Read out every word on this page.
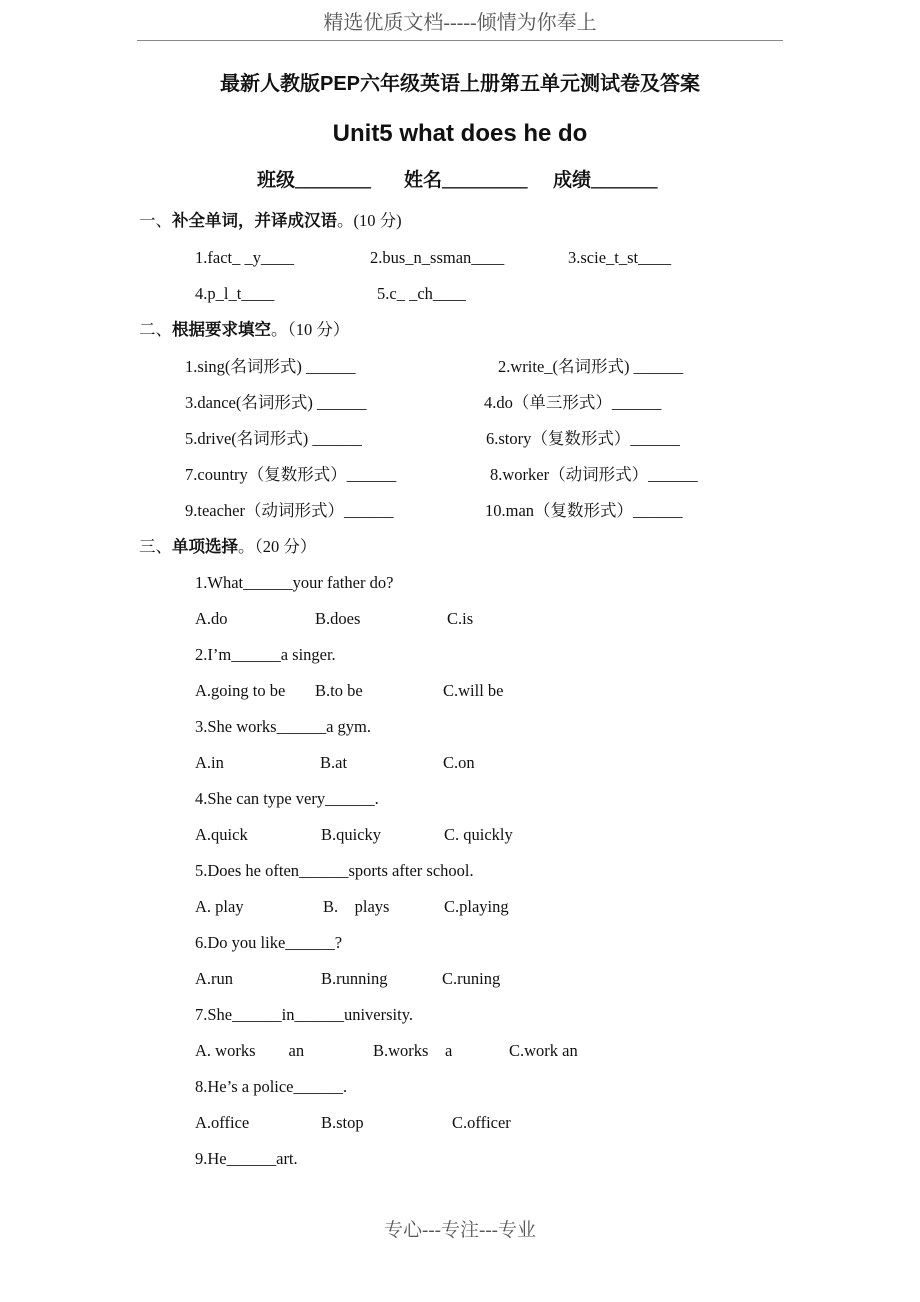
精选优质文档-----倾情为你奉上
最新人教版PEP六年级英语上册第五单元测试卷及答案
Unit5 what does he do
班级________ 姓名_________ 成绩_______
一、补全单词，并译成汉语。(10 分)
1.fact_ _y____	2.bus_n_ssman____	3.scie_t_st____
4.p_l_t____	5.c_ _ch____
二、根据要求填空。（10 分）
1.sing(名词形式) ______	2.write_(名词形式) ______
3.dance(名词形式) ______	4.do（单三形式）______
5.drive(名词形式) ______	6.story（复数形式）______
7.country（复数形式）______	8.worker（动词形式）______
9.teacher（动词形式）______	10.man（复数形式）______
三、单项选择。（20 分）
1.What______your father do?
A.do	B.does	C.is
2.I’m______a singer.
A.going to be B.to be	C.will be
3.She works______a gym.
A.in	B.at	C.on
4.She can type very______.
A.quick	B.quicky	C. quickly
5.Does he often______sports after school.
A. play	B.    plays	C.playing
6.Do you like______?
A.run	B.running	C.runing
7.She______in______university.
A. works        an	B.works    a	C.work an
8.He’s a police______.
A.office	B.stop	C.officer
9.He______art.
专心---专注---专业
